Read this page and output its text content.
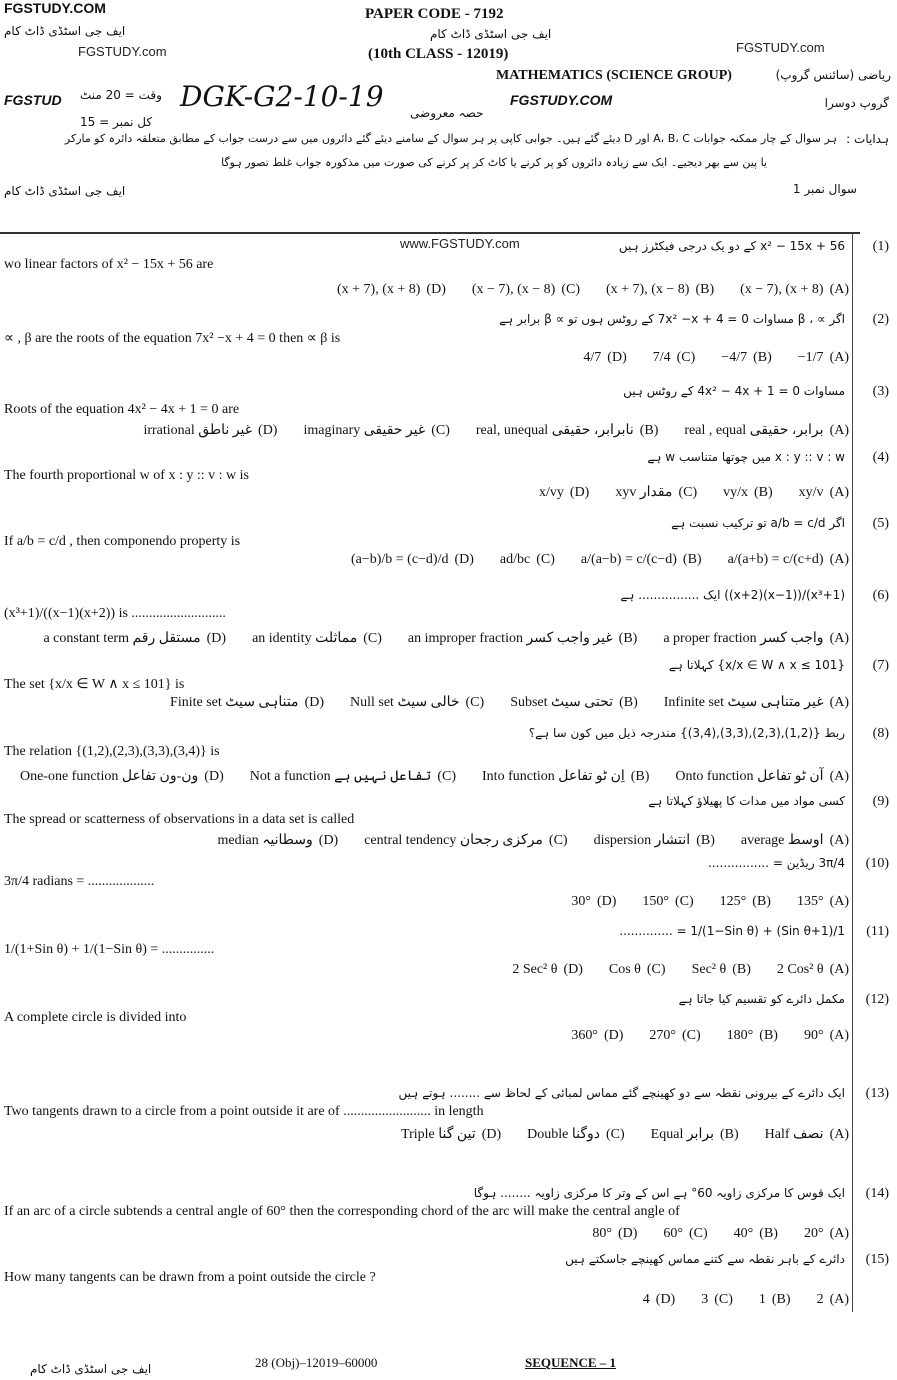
FGSTUDY.COM
ایف جی اسٹڈی ڈاٹ کام
FGSTUDY.com	FGSTUDY.com
PAPER CODE - 7192
ایف جی اسٹڈی ڈاٹ کام
(10th CLASS - 12019)
MATHEMATICS (SCIENCE GROUP)	ریاضی (سائنس گروپ)
گروپ دوسرا
FGSTUD	FGSTUDY.COM
وقت = 20 منٹ
کل نمبر = 15
DGK-G2-10-19 حصہ معروضی
ہدایات :
ہر سوال کے چار ممکنہ جوابات A، B، C اور D دیئے گئے ہیں۔ جوابی کاپی پر ہر سوال کے سامنے دیئے گئے دائروں میں سے درست جواب کے مطابق متعلقہ دائرہ کو مارکر
یا پین سے بھر دیجیے۔ ایک سے زیادہ دائروں کو پر کرنے یا کاٹ کر پر کرنے کی صورت میں مذکورہ جواب غلط تصور ہوگا
ایف جی اسٹڈی ڈاٹ کام	سوال نمبر 1
www.FGSTUDY.com	(1)
x² − 15x + 56 کے دو یک درجی فیکٹرز ہیں
wo linear factors of x² − 15x + 56 are
(x + 7), (x + 8) (D) (x − 7), (x − 8) (C) (x + 7), (x − 8) (B) (x − 7), (x + 8) (A)
(2)
اگر ∝ ، β مساوات 7x² −x + 4 = 0 کے روٹس ہوں تو ∝ β برابر ہے
∝ , β are the roots of the equation 7x² −x + 4 = 0 then ∝ β is
4/7 (D) 7/4 (C) −4/7 (B) −1/7 (A)
(3)
مساوات 4x² − 4x + 1 = 0 کے روٹس ہیں
Roots of the equation 4x² − 4x + 1 = 0 are
irrational غیر ناطق (D) imaginary غیر حقیقی (C) real, unequal نابرابر، حقیقی (B) real , equal برابر، حقیقی (A)
(4)
x : y :: v : w میں چوتھا متناسب w ہے
The fourth proportional w of x : y :: v : w is
x/vy (D) xyv مقدار (C) vy/x (B) xy/v (A)
(5)
اگر a/b = c/d تو ترکیب نسبت ہے
If a/b = c/d , then componendo property is
(a−b)/b = (c−d)/d (D) ad/bc (C) a/(a−b) = c/(c−d) (B) a/(a+b) = c/(c+d) (A)
(6)
(x³+1)/((x−1)(x+2)) ایک ................ ہے
(x³+1)/((x−1)(x+2)) is ...........................
a constant term مستقل رقم (D) an identity مماثلت (C) an improper fraction غیر واجب کسر (B) a proper fraction واجب کسر (A)
(7)
{x/x ∈ W ∧ x ≤ 101} کہلاتا ہے
The set {x/x ∈ W ∧ x ≤ 101} is
Finite set متناہی سیٹ (D) Null set خالی سیٹ (C) Subset تحتی سیٹ (B) Infinite set غیر متناہی سیٹ (A)
(8)
ربط {(1,2),(2,3),(3,3),(3,4)} مندرجہ ذیل میں کون سا ہے؟
The relation {(1,2),(2,3),(3,3),(3,4)} is
One-one function ون-ون تفاعل (D) Not a function تفاعل نہیں ہے (C) Into function اِن ٹو تفاعل (B) Onto function آن ٹو تفاعل (A)
(9)
کسی مواد میں مدات کا پھیلاؤ کہلاتا ہے
The spread or scatterness of observations in a data set is called
median وسطانیہ (D) central tendency مرکزی رجحان (C) dispersion انتشار (B) average اوسط (A)
(10)
3π/4 ریڈین = ................
3π/4 radians = ...................
30° (D) 150° (C) 125° (B) 135° (A)
(11)
1/(1+Sin θ) + 1/(1−Sin θ) = ..............
1/(1+Sin θ) + 1/(1−Sin θ) = ...............
2 Sec² θ (D) Cos θ (C) Sec² θ (B) 2 Cos² θ (A)
(12)
مکمل دائرے کو تقسیم کیا جاتا ہے
A complete circle is divided into
360° (D) 270° (C) 180° (B) 90° (A)
(13)
ایک دائرے کے بیرونی نقطہ سے دو کھینچے گئے مماس لمبائی کے لحاظ سے ........ ہوتے ہیں
Two tangents drawn to a circle from a point outside it are of ......................... in length
Triple تین گنا (D) Double دوگنا (C) Equal برابر (B) Half نصف (A)
(14)
ایک قوس کا مرکزی زاویہ 60° ہے اس کے وتر کا مرکزی زاویہ ........ ہوگا
If an arc of a circle subtends a central angle of 60° then the corresponding chord of the arc will make the central angle of
80° (D) 60° (C) 40° (B) 20° (A)
(15)
دائرے کے باہر نقطہ سے کتنے مماس کھینچے جاسکتے ہیں
How many tangents can be drawn from a point outside the circle ?
4 (D) 3 (C) 1 (B) 2 (A)
ایف جی اسٹڈی ڈاٹ کام	28 (Obj)–12019–60000	SEQUENCE – 1
